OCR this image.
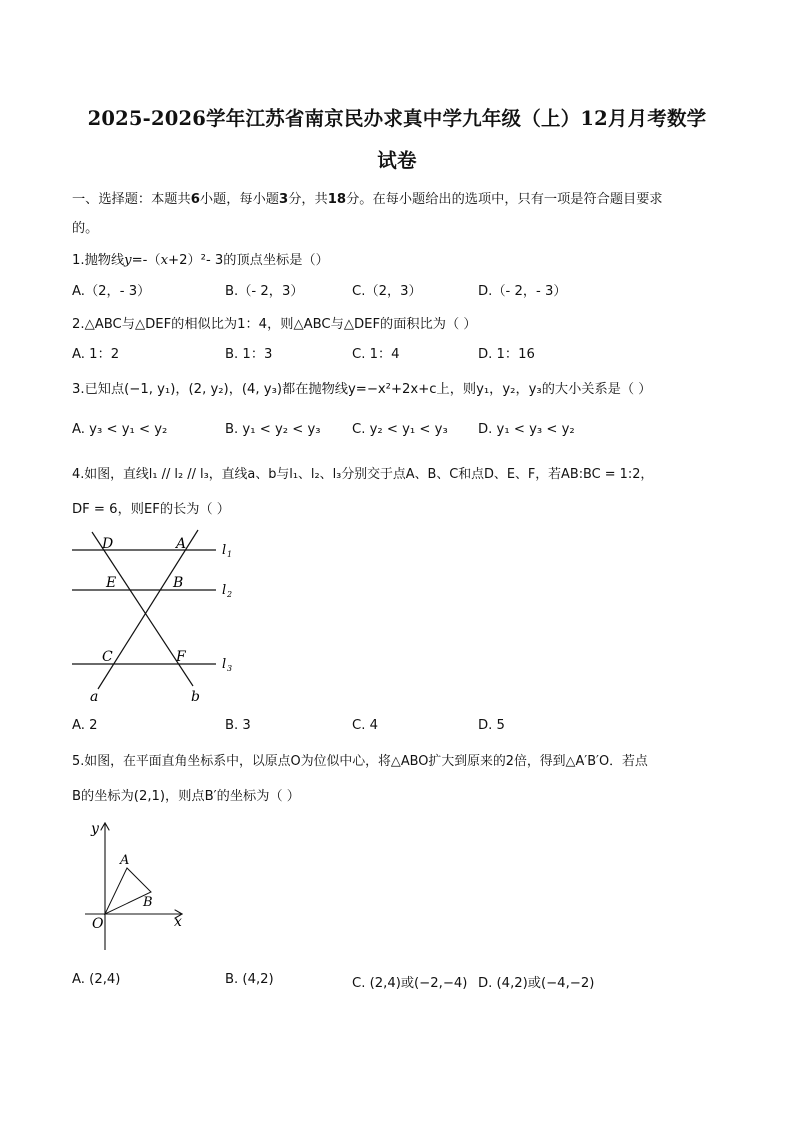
2025-2026学年江苏省南京民办求真中学九年级（上）12月月考数学
试卷
一、选择题：本题共6小题，每小题3分，共18分。在每小题给出的选项中，只有一项是符合题目要求
的。
1.抛物线y=-（x+2）²- 3的顶点坐标是（）
A.（2，- 3）	B.（- 2，3）	C.（2，3）	D.（- 2，- 3）
2.△ABC与△DEF的相似比为1：4，则△ABC与△DEF的面积比为（ ）
A. 1：2	B. 1：3	C. 1：4	D. 1：16
3.已知点(−1, y₁)，(2, y₂)，(4, y₃)都在抛物线y=−x²+2x+c上，则y₁，y₂，y₃的大小关系是（ ）
A. y₃ < y₁ < y₂	B. y₁ < y₂ < y₃ C. y₂ < y₁ < y₃ D. y₁ < y₃ < y₂
4.如图，直线l₁ // l₂ // l₃，直线a、b与l₁、l₂、l₃分别交于点A、B、C和点D、E、F，若AB:BC = 1:2，
DF = 6，则EF的长为（ ）
D	A
E	B
C	F
a	b
l 1
l 2
l 3
A. 2	B. 3	C. 4	D. 5
5.如图，在平面直角坐标系中，以原点O为位似中心，将△ABO扩大到原来的2倍，得到△A′B′O．若点
B的坐标为(2,1)，则点B′的坐标为（ ）
y
x
O
A
B
A. (2,4)	B. (4,2)	C. (2,4)或(−2,−4) D. (4,2)或(−4,−2)
